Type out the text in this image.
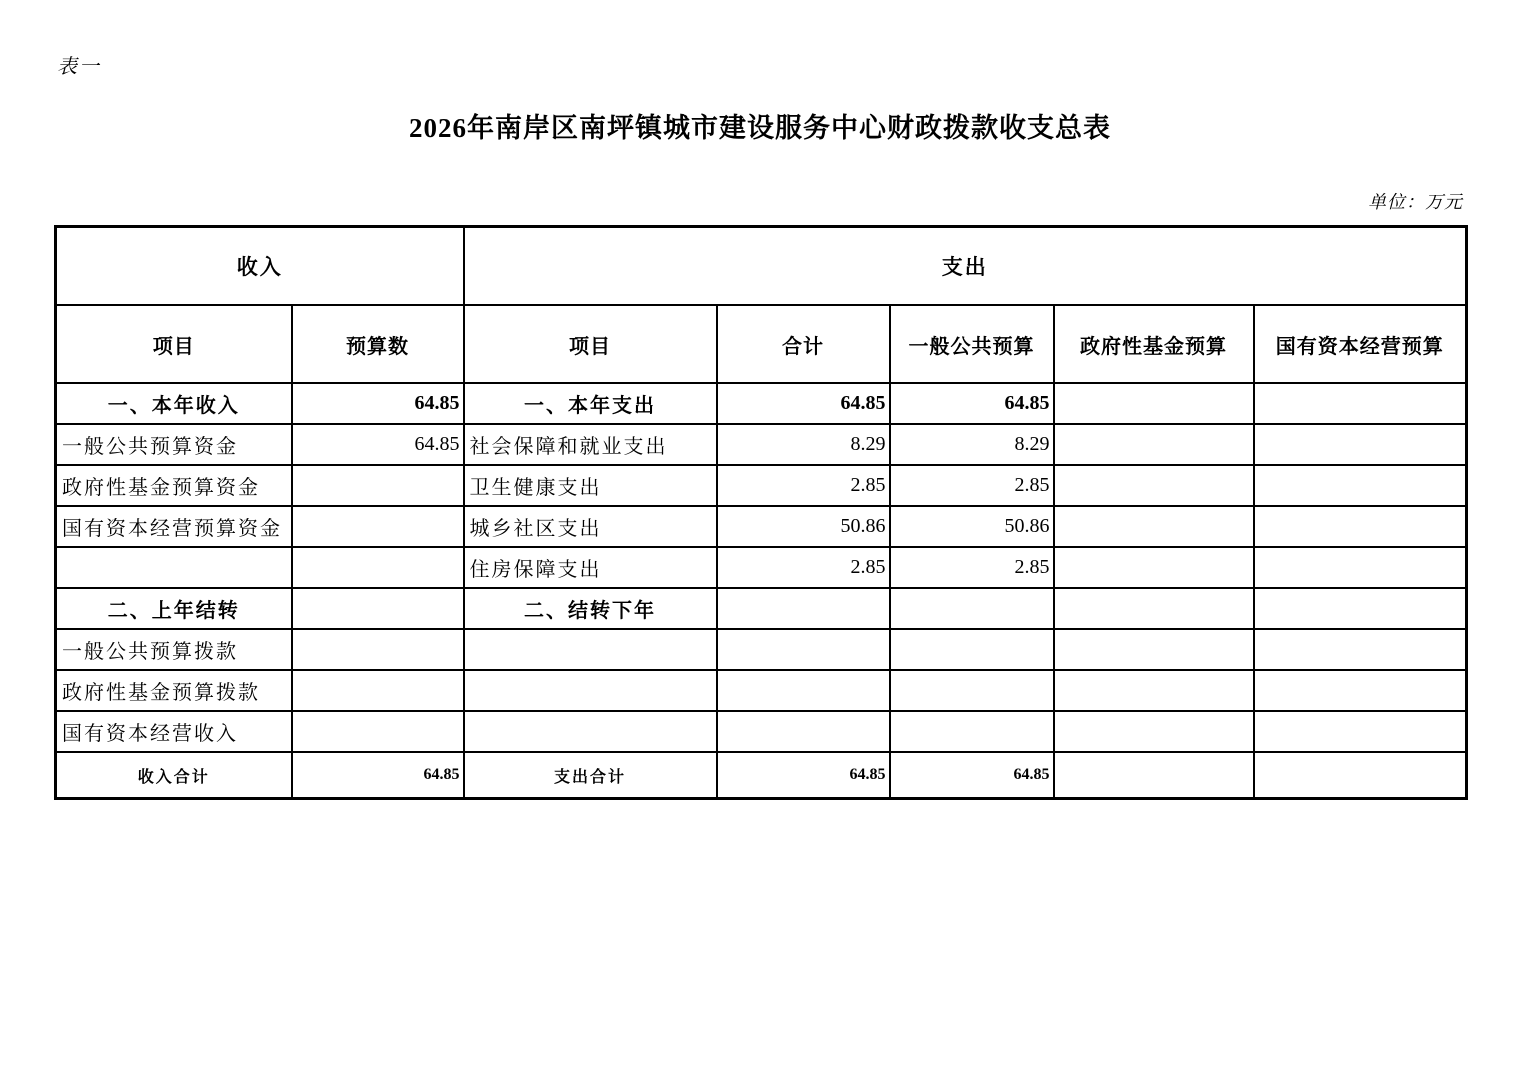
表一
2026年南岸区南坪镇城市建设服务中心财政拨款收支总表
单位：万元
收入		支出				
项目	预算数	项目	合计	一般公共预算	政府性基金预算	国有资本经营预算
一、本年收入	64.85	一、本年支出	64.85	64.85		
一般公共预算资金	64.85	社会保障和就业支出	8.29	8.29		
政府性基金预算资金		卫生健康支出	2.85	2.85		
国有资本经营预算资金		城乡社区支出	50.86	50.86		
		住房保障支出	2.85	2.85		
二、上年结转		二、结转下年				
一般公共预算拨款						
政府性基金预算拨款						
国有资本经营收入						
收入合计	64.85	支出合计	64.85	64.85		
